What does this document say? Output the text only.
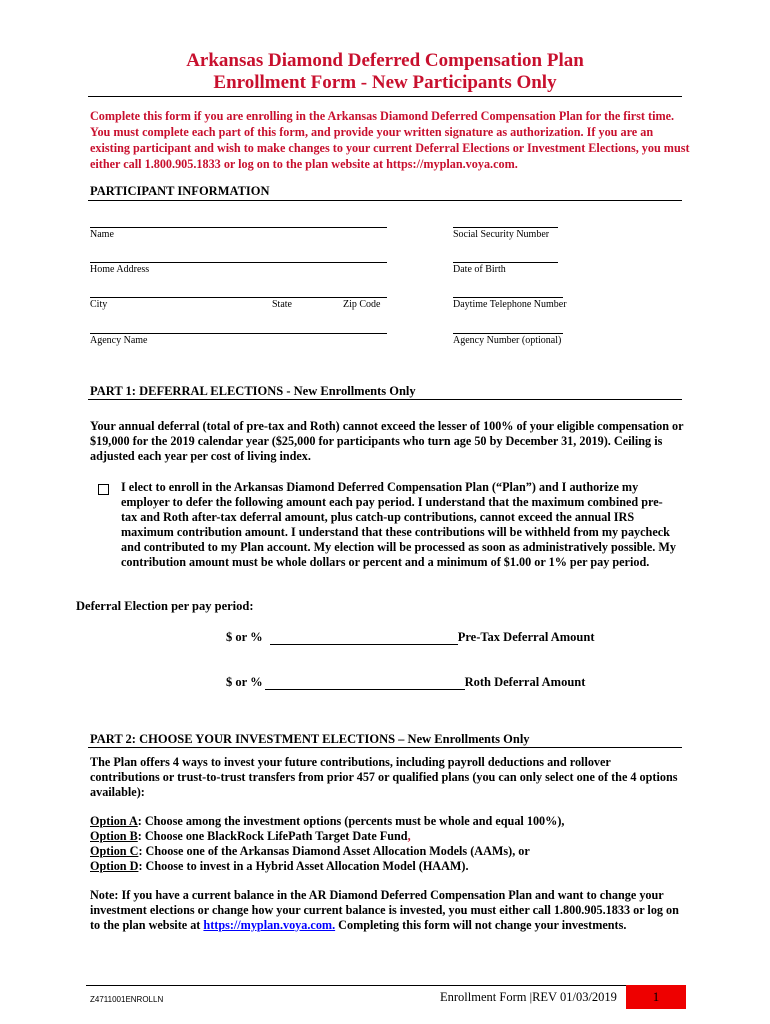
Arkansas Diamond Deferred Compensation Plan
Enrollment Form - New Participants Only
Complete this form if you are enrolling in the Arkansas Diamond Deferred Compensation Plan for the first time. You must complete each part of this form, and provide your written signature as authorization. If you are an existing participant and wish to make changes to your current Deferral Elections or Investment Elections, you must either call 1.800.905.1833 or log on to the plan website at https://myplan.voya.com.
PARTICIPANT INFORMATION
Name	Social Security Number
Home Address	Date of Birth
City	State	Zip Code	Daytime Telephone Number
Agency Name	Agency Number (optional)
PART 1: DEFERRAL ELECTIONS - New Enrollments Only
Your annual deferral (total of pre-tax and Roth) cannot exceed the lesser of 100% of your eligible compensation or $19,000 for the 2019 calendar year ($25,000 for participants who turn age 50 by December 31, 2019). Ceiling is adjusted each year per cost of living index.
I elect to enroll in the Arkansas Diamond Deferred Compensation Plan (“Plan”) and I authorize my employer to defer the following amount each pay period. I understand that the maximum combined pre-tax and Roth after-tax deferral amount, plus catch-up contributions, cannot exceed the annual IRS maximum contribution amount. I understand that these contributions will be withheld from my paycheck and contributed to my Plan account. My election will be processed as soon as administratively possible. My contribution amount must be whole dollars or percent and a minimum of $1.00 or 1% per pay period.
Deferral Election per pay period:
$ or %	Pre-Tax Deferral Amount
$ or %	Roth Deferral Amount
PART 2: CHOOSE YOUR INVESTMENT ELECTIONS – New Enrollments Only
The Plan offers 4 ways to invest your future contributions, including payroll deductions and rollover contributions or trust-to-trust transfers from prior 457 or qualified plans (you can only select one of the 4 options available):
Option A: Choose among the investment options (percents must be whole and equal 100%),
Option B: Choose one BlackRock LifePath Target Date Fund,
Option C: Choose one of the Arkansas Diamond Asset Allocation Models (AAMs), or
Option D: Choose to invest in a Hybrid Asset Allocation Model (HAAM).
Note: If you have a current balance in the AR Diamond Deferred Compensation Plan and want to change your investment elections or change how your current balance is invested, you must either call 1.800.905.1833 or log on to the plan website at https://myplan.voya.com. Completing this form will not change your investments.
Z4711001ENROLLN	Enrollment Form |REV 01/03/2019	1
